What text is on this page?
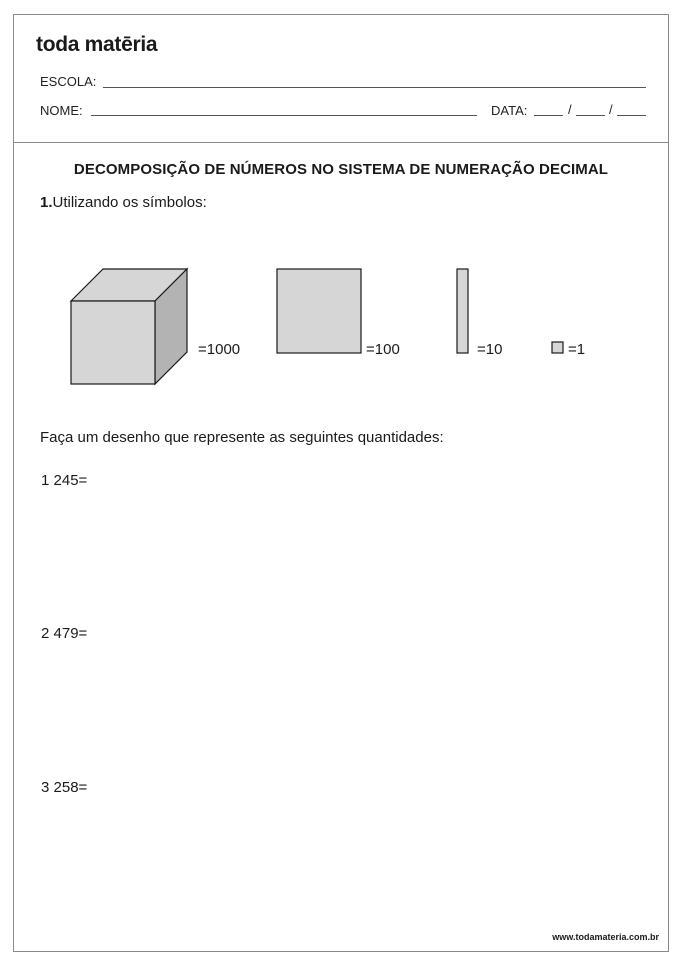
toda matēria
ESCOLA:
NOME:	DATA:	/	/
DECOMPOSIÇÃO DE NÚMEROS NO SISTEMA DE NUMERAÇÃO DECIMAL
1.Utilizando os símbolos:
=1000	=100	=10	=1
Faça um desenho que represente as seguintes quantidades:
1 245=
2 479=
3 258=
www.todamateria.com.br
